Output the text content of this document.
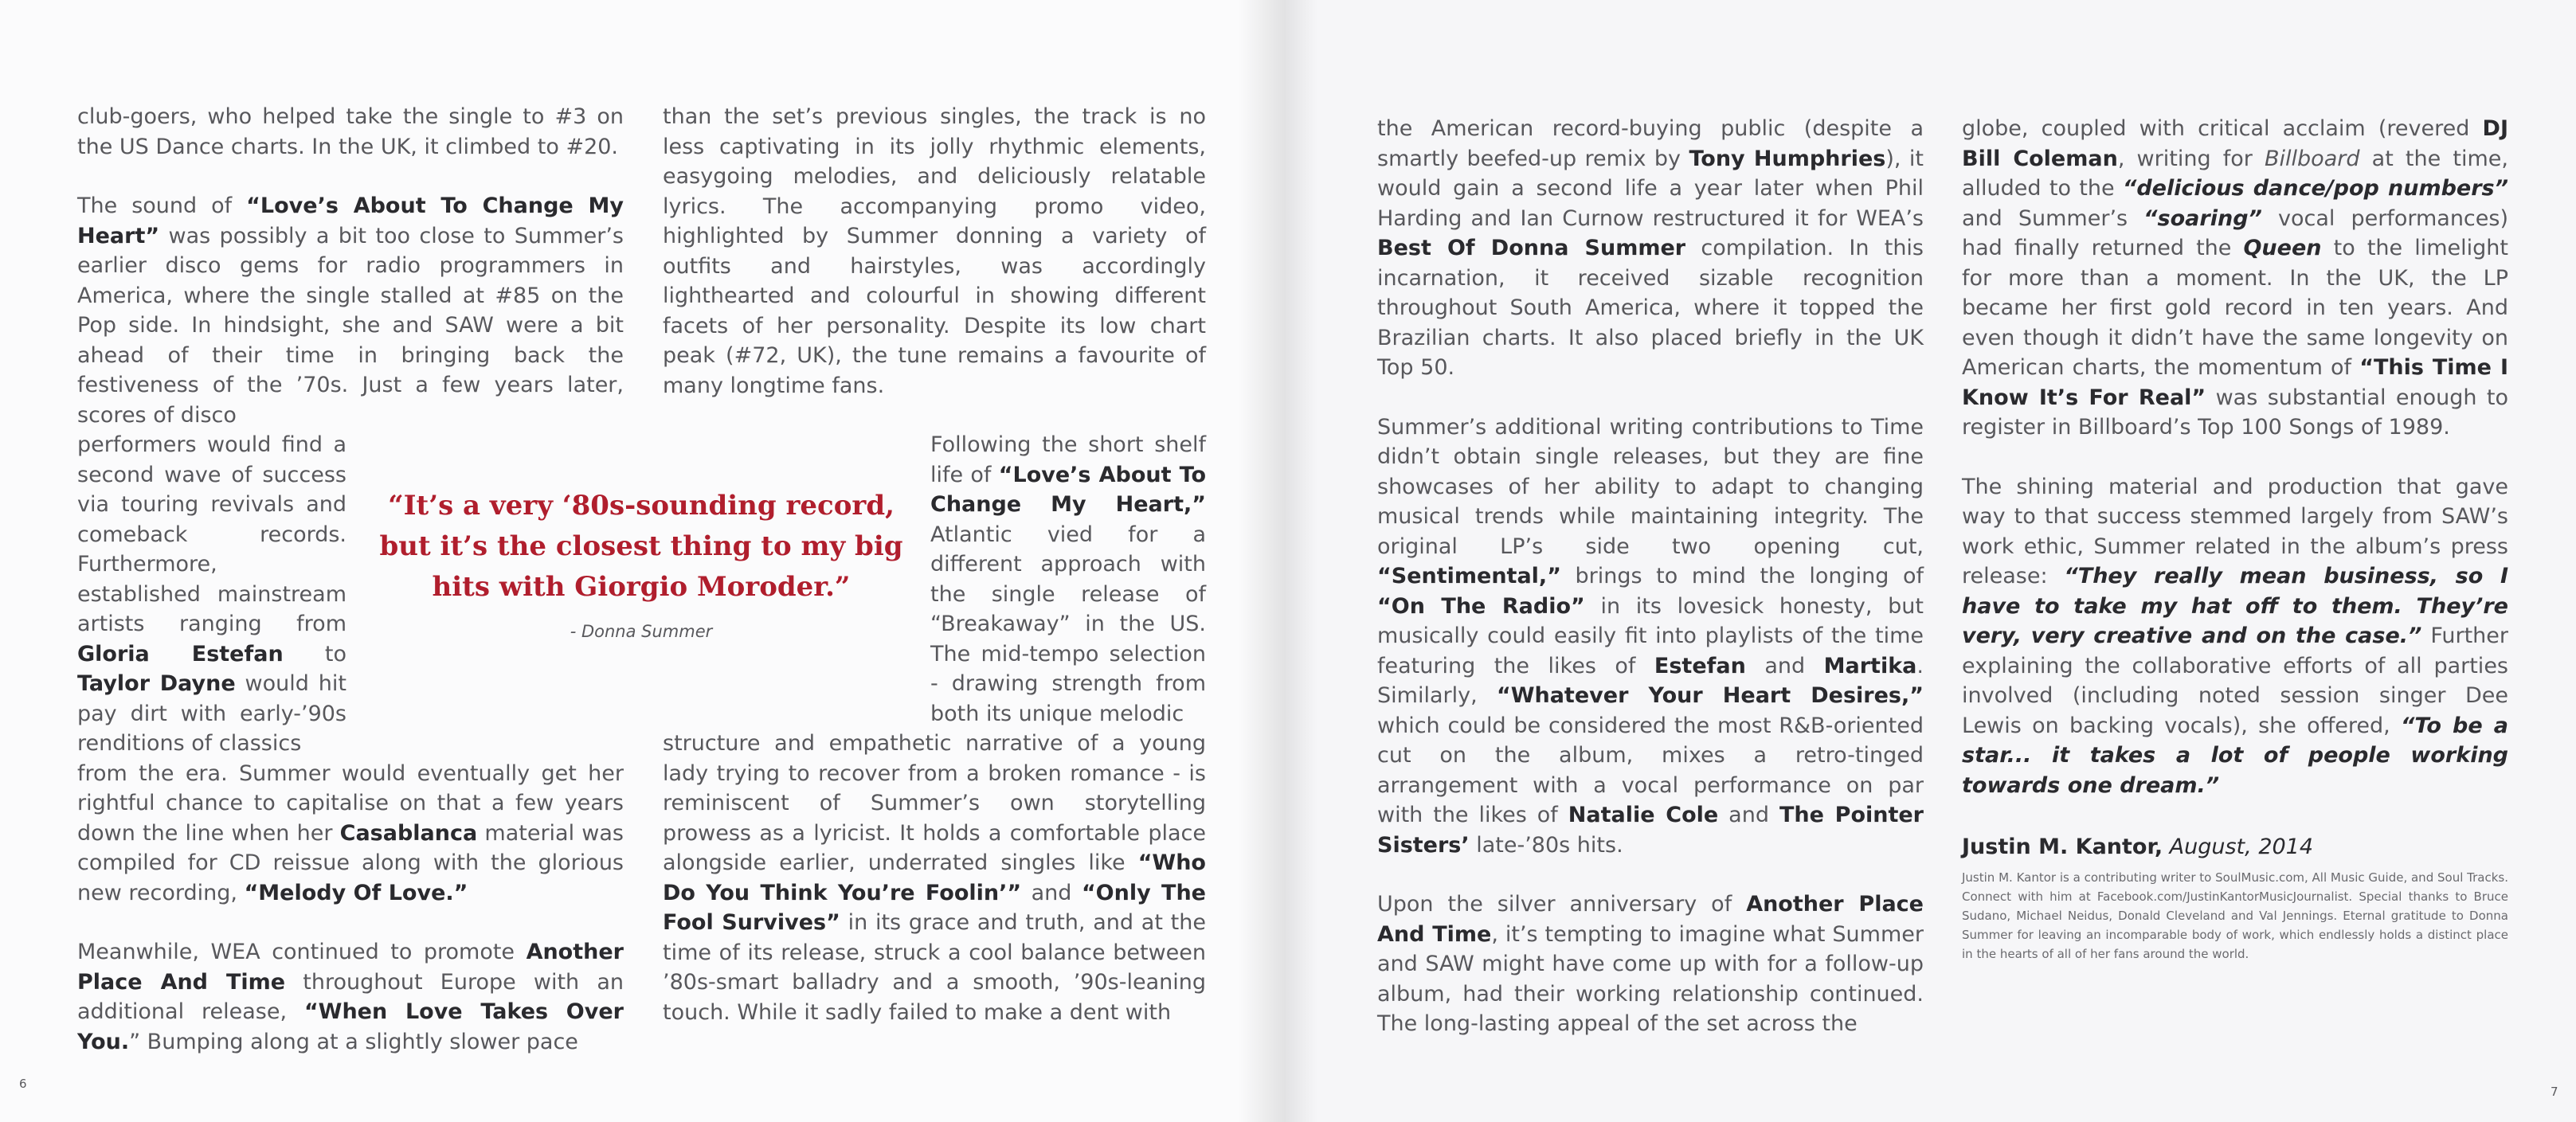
club-goers, who helped take the single to #3 on the US Dance charts. In the UK, it climbed to #20.

The sound of “Love’s About To Change My Heart” was possibly a bit too close to Summer’s earlier disco gems for radio programmers in America, where the single stalled at #85 on the Pop side. In hindsight, she and SAW were a bit ahead of their time in bringing back the festiveness of the ’70s. Just a few years later, scores of disco

performers would find a second wave of success via touring revivals and comeback records. Furthermore, established mainstream artists ranging from Gloria Estefan to Taylor Dayne would hit pay dirt with early-’90s renditions of classics

from the era. Summer would eventually get her rightful chance to capitalise on that a few years down the line when her Casablanca material was compiled for CD reissue along with the glorious new recording, “Melody Of Love.”

Meanwhile, WEA continued to promote Another Place And Time throughout Europe with an additional release, “When Love Takes Over You.” Bumping along at a slightly slower pace

than the set’s previous singles, the track is no less captivating in its jolly rhythmic elements, easygoing melodies, and deliciously relatable lyrics. The accompanying promo video, highlighted by Summer donning a variety of outfits and hairstyles, was accordingly lighthearted and colourful in showing different facets of her personality. Despite its low chart peak (#72, UK), the tune remains a favourite of many longtime fans.

Following the short shelf life of “Love’s About To Change My Heart,” Atlantic vied for a different approach with the single release of “Breakaway” in the US. The mid-tempo selection - drawing strength from both its unique melodic

structure and empathetic narrative of a young lady trying to recover from a broken romance - is reminiscent of Summer’s own storytelling prowess as a lyricist. It holds a comfortable place alongside earlier, underrated singles like “Who Do You Think You’re Foolin’” and “Only The Fool Survives” in its grace and truth, and at the time of its release, struck a cool balance between ’80s-smart balladry and a smooth, ’90s-leaning touch. While it sadly failed to make a dent with

“It’s a very ‘80s-sounding record, but it’s the closest thing to my big hits with Giorgio Moroder.”
- Donna Summer
6

the American record-buying public (despite a smartly beefed-up remix by Tony Humphries), it would gain a second life a year later when Phil Harding and Ian Curnow restructured it for WEA’s Best Of Donna Summer compilation. In this incarnation, it received sizable recognition throughout South America, where it topped the Brazilian charts. It also placed briefly in the UK Top 50.

Summer’s additional writing contributions to Time didn’t obtain single releases, but they are fine showcases of her ability to adapt to changing musical trends while maintaining integrity. The original LP’s side two opening cut, “Sentimental,” brings to mind the longing of “On The Radio” in its lovesick honesty, but musically could easily fit into playlists of the time featuring the likes of Estefan and Martika. Similarly, “Whatever Your Heart Desires,” which could be considered the most R&B-oriented cut on the album, mixes a retro-tinged arrangement with a vocal performance on par with the likes of Natalie Cole and The Pointer Sisters’ late-’80s hits.

Upon the silver anniversary of Another Place And Time, it’s tempting to imagine what Summer and SAW might have come up with for a follow-up album, had their working relationship continued. The long-lasting appeal of the set across the

globe, coupled with critical acclaim (revered DJ Bill Coleman, writing for Billboard at the time, alluded to the “delicious dance/pop numbers” and Summer’s “soaring” vocal performances) had finally returned the Queen to the limelight for more than a moment. In the UK, the LP became her first gold record in ten years. And even though it didn’t have the same longevity on American charts, the momentum of “This Time I Know It’s For Real” was substantial enough to register in Billboard’s Top 100 Songs of 1989.

The shining material and production that gave way to that success stemmed largely from SAW’s work ethic, Summer related in the album’s press release: “They really mean business, so I have to take my hat off to them. They’re very, very creative and on the case.” Further explaining the collaborative efforts of all parties involved (including noted session singer Dee Lewis on backing vocals), she offered, “To be a star... it takes a lot of people working towards one dream.”

Justin M. Kantor, August, 2014
Justin M. Kantor is a contributing writer to SoulMusic.com, All Music Guide, and Soul Tracks. Connect with him at Facebook.com/JustinKantorMusicJournalist. Special thanks to Bruce Sudano, Michael Neidus, Donald Cleveland and Val Jennings. Eternal gratitude to Donna Summer for leaving an incomparable body of work, which endlessly holds a distinct place in the hearts of all of her fans around the world.
7
